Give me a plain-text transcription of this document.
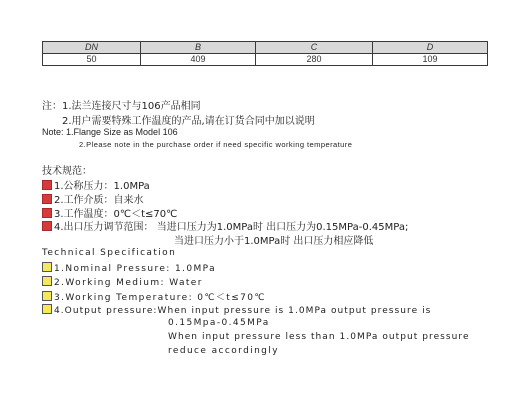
DN	B	C	D
50	409	280	109
注：1.法兰连接尺寸与106产品相同
2.用户需要特殊工作温度的产品,请在订货合同中加以说明
Note: 1.Flange Size as Model 106
2.Please note in the purchase order if need specific working temperature
技术规范：
1.公称压力：1.0MPa
2.工作介质：自来水
3.工作温度：0℃＜t≤70℃
4.出口压力调节范围： 当进口压力为1.0MPa时 出口压力为0.15MPa-0.45MPa;
当进口压力小于1.0MPa时 出口压力相应降低
Technical Specification
1.Nominal Pressure: 1.0MPa
2.Working Medium: Water
3.Working Temperature: 0℃＜t≤70℃
4.Output pressure:When input pressure is 1.0MPa output pressure is
0.15Mpa-0.45MPa
When input pressure less than 1.0MPa output pressure
reduce accordingly
